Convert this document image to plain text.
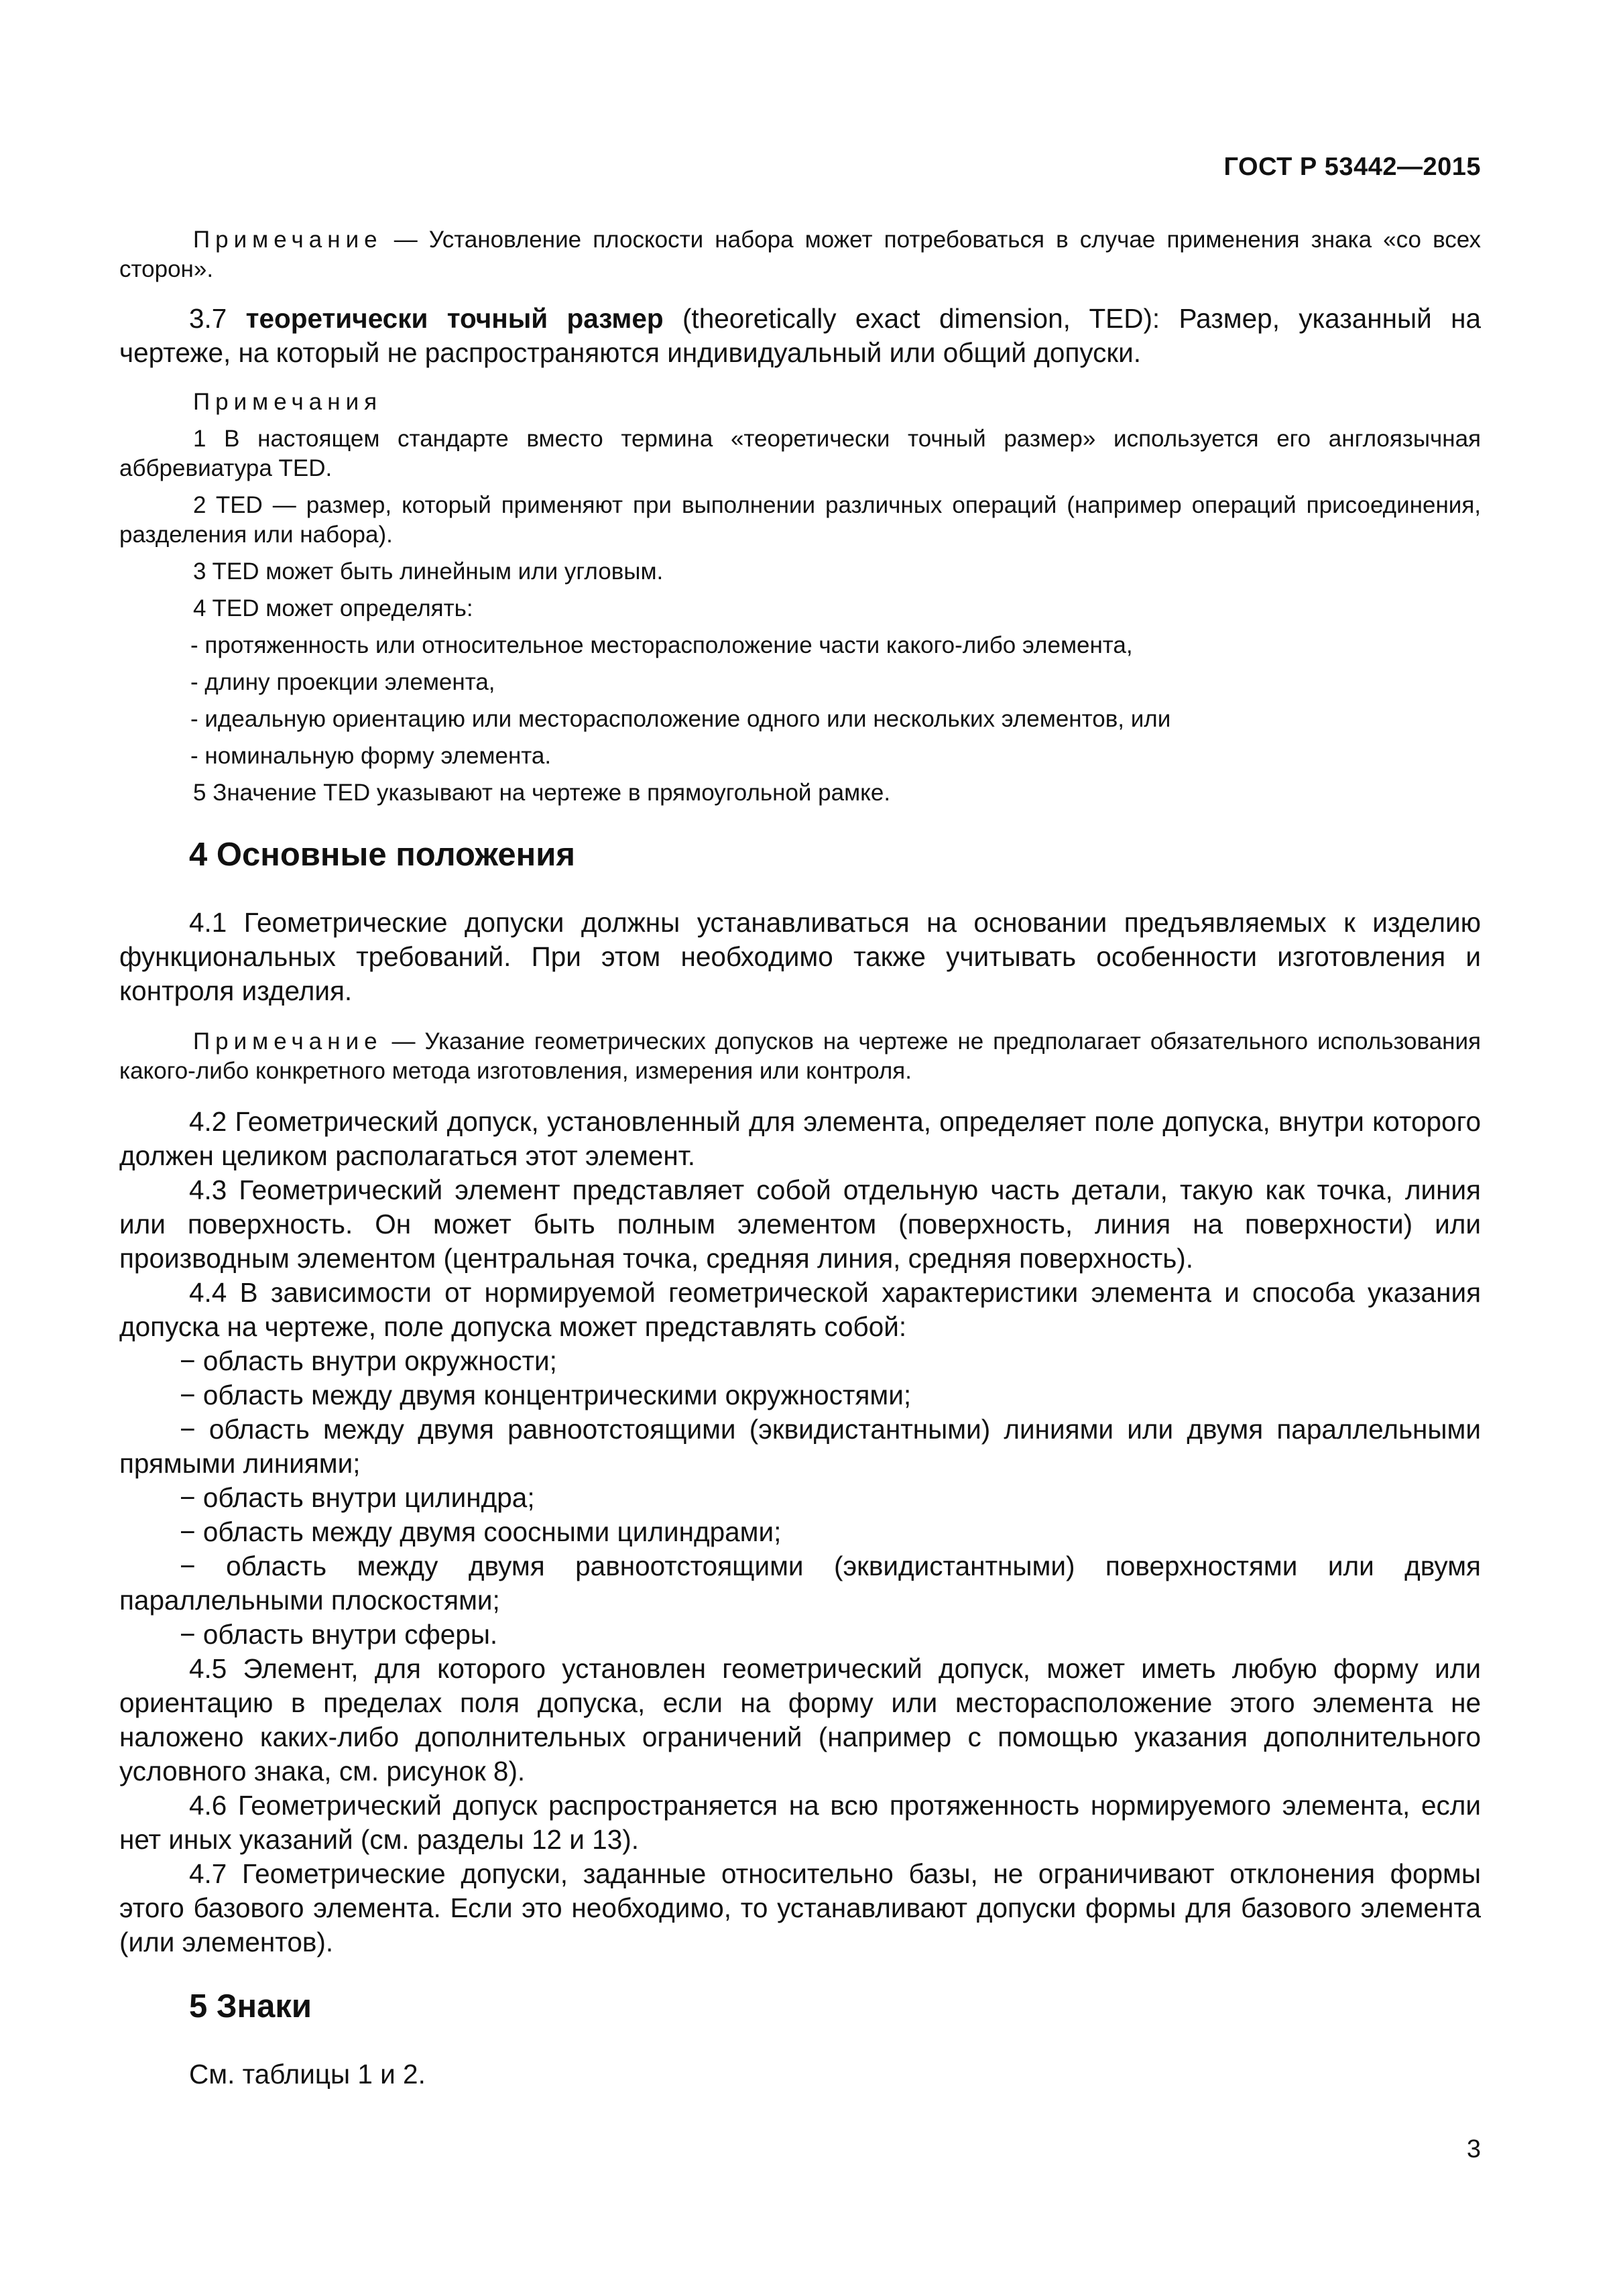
ГОСТ Р 53442—2015

Примечание — Установление плоскости набора может потребоваться в случае применения знака «со всех сторон».

3.7 теоретически точный размер (theoretically exact dimension, TED): Размер, указанный на чертеже, на который не распространяются индивидуальный или общий допуски.

Примечания

1 В настоящем стандарте вместо термина «теоретически точный размер» используется его англоязычная аббревиатура TED.

2 TED — размер, который применяют при выполнении различных операций (например операций присоединения, разделения или набора).

3 TED может быть линейным или угловым.

4 TED может определять:

- протяженность или относительное месторасположение части какого-либо элемента,

- длину проекции элемента,

- идеальную ориентацию или месторасположение одного или нескольких элементов, или

- номинальную форму элемента.

5 Значение TED указывают на чертеже в прямоугольной рамке.

4 Основные положения

4.1 Геометрические допуски должны устанавливаться на основании предъявляемых к изделию функциональных требований. При этом необходимо также учитывать особенности изготовления и контроля изделия.

Примечание — Указание геометрических допусков на чертеже не предполагает обязательного использования какого-либо конкретного метода изготовления, измерения или контроля.

4.2 Геометрический допуск, установленный для элемента, определяет поле допуска, внутри которого должен целиком располагаться этот элемент.

4.3 Геометрический элемент представляет собой отдельную часть детали, такую как точка, линия или поверхность. Он может быть полным элементом (поверхность, линия на поверхности) или производным элементом (центральная точка, средняя линия, средняя поверхность).

4.4 В зависимости от нормируемой геометрической характеристики элемента и способа указания допуска на чертеже, поле допуска может представлять собой:

− область внутри окружности;

− область между двумя концентрическими окружностями;

− область между двумя равноотстоящими (эквидистантными) линиями или двумя параллельными прямыми линиями;

− область внутри цилиндра;

− область между двумя соосными цилиндрами;

− область между двумя равноотстоящими (эквидистантными) поверхностями или двумя параллельными плоскостями;

− область внутри сферы.

4.5 Элемент, для которого установлен геометрический допуск, может иметь любую форму или ориентацию в пределах поля допуска, если на форму или месторасположение этого элемента не наложено каких-либо дополнительных ограничений (например с помощью указания дополнительного условного знака, см. рисунок 8).

4.6 Геометрический допуск распространяется на всю протяженность нормируемого элемента, если нет иных указаний (см. разделы 12 и 13).

4.7 Геометрические допуски, заданные относительно базы, не ограничивают отклонения формы этого базового элемента. Если это необходимо, то устанавливают допуски формы для базового элемента (или элементов).

5 Знаки

См. таблицы 1 и 2.

3
